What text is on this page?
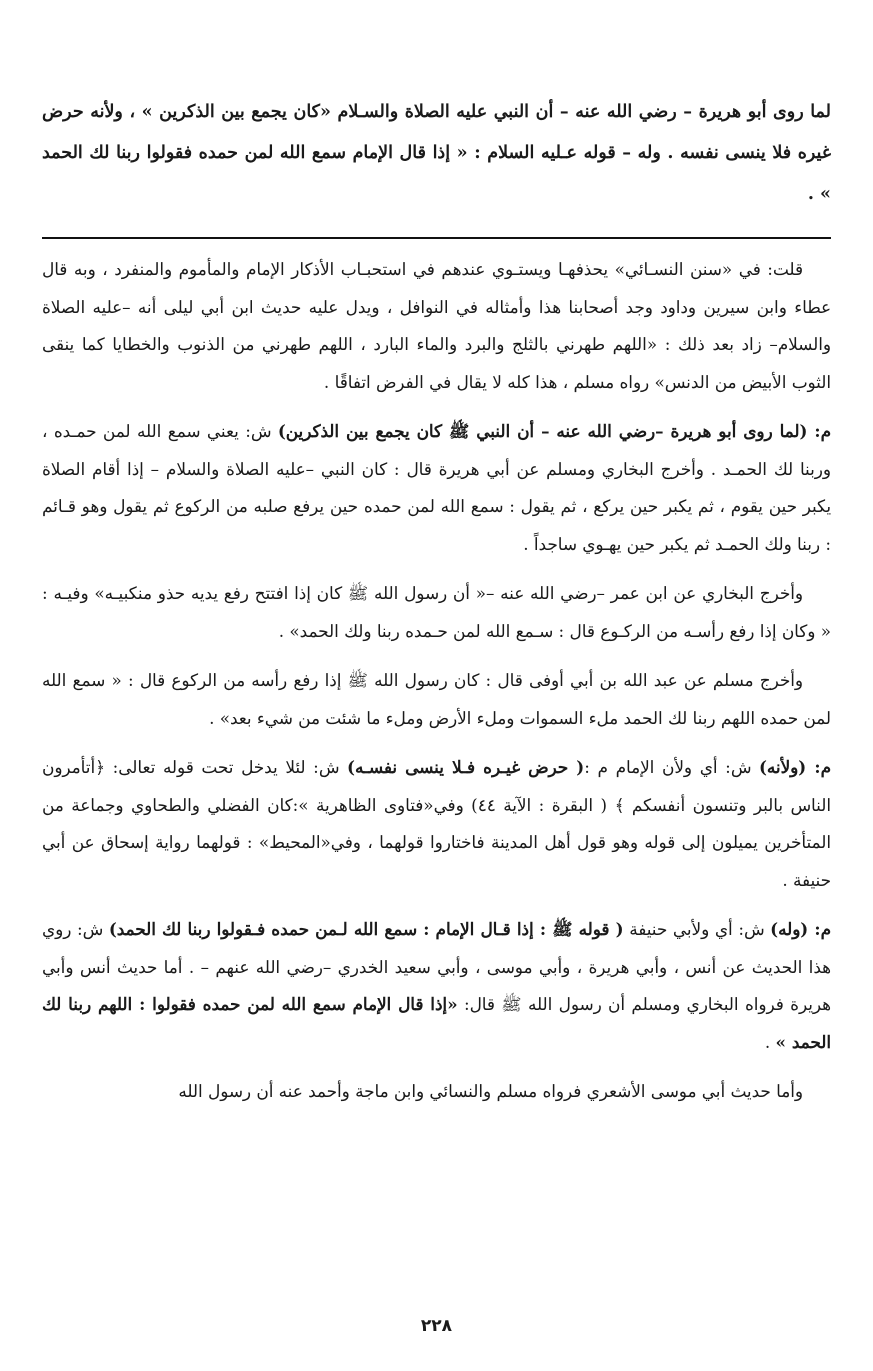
لما روى أبو هريرة – رضي الله عنه – أن النبي عليه الصلاة والسـلام «كان يجمع بين الذكرين » ، ولأنه حرض غيره فلا ينسى نفسه . وله – قوله عـليه السلام : « إذا قال الإمام سمع الله لمن حمده فقولوا ربنا لك الحمد » .

قلت: في «سنن النسـائي» يحذفهـا ويستـوي عندهم في استحبـاب الأذكار الإمام والمأموم والمنفرد ، وبه قال عطاء وابن سيرين وداود وجد أصحابنا هذا وأمثاله في النوافل ، ويدل عليه حديث ابن أبي ليلى أنه –عليه الصلاة والسلام– زاد بعد ذلك : «اللهم طهرني بالثلج والبرد والماء البارد ، اللهم طهرني من الذنوب والخطايا كما ينقى الثوب الأبيض من الدنس» رواه مسلم ، هذا كله لا يقال في الفرض اتفاقًا .

م: (لما روى أبو هريرة –رضي الله عنه – أن النبي ﷺ كان يجمع بين الذكرين) ش: يعني سمع الله لمن حمـده ، وربنا لك الحمـد . وأخرج البخاري ومسلم عن أبي هريرة قال : كان النبي –عليه الصلاة والسلام – إذا أقام الصلاة يكبر حين يقوم ، ثم يكبر حين يركع ، ثم يقول : سمع الله لمن حمده حين يرفع صلبه من الركوع ثم يقول وهو قـائم : ربنا ولك الحمـد ثم يكبر حين يهـوي ساجداً .

وأخرج البخاري عن ابن عمر –رضي الله عنه –« أن رسول الله ﷺ كان إذا افتتح رفع يديه حذو منكبيـه» وفيـه : « وكان إذا رفع رأسـه من الركـوع قال : سـمع الله لمن حـمده ربنا ولك الحمد» .

وأخرج مسلم عن عبد الله بن أبي أوفى قال : كان رسول الله ﷺ إذا رفع رأسه من الركوع قال : « سمع الله لمن حمده اللهم ربنا لك الحمد ملء السموات وملء الأرض وملء ما شئت من شيء بعد» .

م: (ولأنه) ش: أي ولأن الإمام م :( حرض غيـره فـلا ينسى نفسـه) ش: لئلا يدخل تحت قوله تعالى: ﴿أتأمرون الناس بالبر وتنسون أنفسكم ﴾ ( البقرة : الآية ٤٤) وفي«فتاوى الظاهرية »:كان الفضلي والطحاوي وجماعة من المتأخرين يميلون إلى قوله وهو قول أهل المدينة فاختاروا قولهما ، وفي«المحيط» : قولهما رواية إسحاق عن أبي حنيفة .

م: (وله) ش: أي ولأبي حنيفة ( قوله ﷺ : إذا قـال الإمام : سمع الله لـمن حمده فـقولوا ربنا لك الحمد) ش: روي هذا الحديث عن أنس ، وأبي هريرة ، وأبي موسى ، وأبي سعيد الخدري –رضي الله عنهم – . أما حديث أنس وأبي هريرة فرواه البخاري ومسلم أن رسول الله ﷺ قال: «إذا قال الإمام سمع الله لمن حمده فقولوا : اللهم ربنا لك الحمد » .

وأما حديث أبي موسى الأشعري فرواه مسلم والنسائي وابن ماجة وأحمد عنه أن رسول الله

٢٢٨
